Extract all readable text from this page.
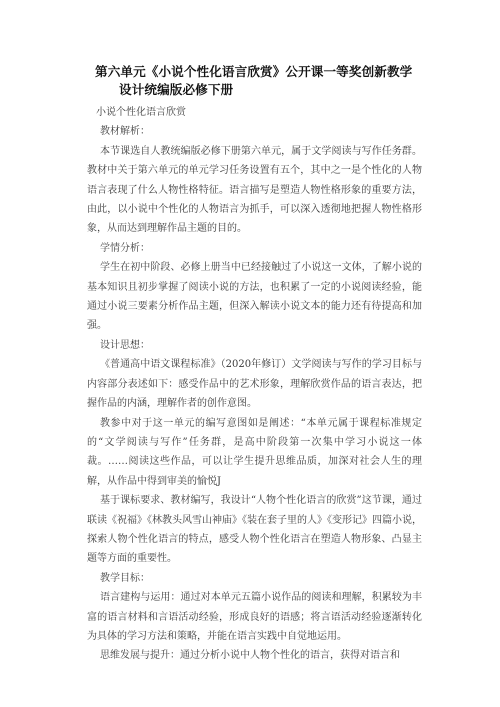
第六单元《小说个性化语言欣赏》公开课一等奖创新教学
设计统编版必修下册

小说个性化语言欣赏

教材解析：

本节课选自人教统编版必修下册第六单元，属于文学阅读与写作任务群。教材中关于第六单元的单元学习任务设置有五个，其中之一是个性化的人物语言表现了什么人物性格特征。语言描写是塑造人物性格形象的重要方法，由此，以小说中个性化的人物语言为抓手，可以深入透彻地把握人物性格形象，从而达到理解作品主题的目的。

学情分析：

学生在初中阶段、必修上册当中已经接触过了小说这一文体，了解小说的基本知识且初步掌握了阅读小说的方法，也积累了一定的小说阅读经验，能通过小说三要素分析作品主题，但深入解读小说文本的能力还有待提高和加强。

设计思想：

《普通高中语文课程标准》（2020年修订）文学阅读与写作的学习目标与内容部分表述如下：感受作品中的艺术形象，理解欣赏作品的语言表达，把握作品的内涵，理解作者的创作意图。

教参中对于这一单元的编写意图如是阐述：“本单元属于课程标准规定的“文学阅读与写作”任务群，是高中阶段第一次集中学习小说这一体裁。……阅读这些作品，可以让学生提升思维品质，加深对社会人生的理解，从作品中得到审美的愉悦J

基于课标要求、教材编写，我设计“人物个性化语言的欣赏”这节课，通过联读《祝福》《林教头风雪山神庙》《装在套子里的人》《变形记》四篇小说，探索人物个性化语言的特点，感受人物个性化语言在塑造人物形象、凸显主题等方面的重要性。

教学目标：

语言建构与运用：通过对本单元五篇小说作品的阅读和理解，积累较为丰富的语言材料和言语活动经验，形成良好的语感；将言语活动经验逐渐转化为具体的学习方法和策略，并能在语言实践中自觉地运用。

思维发展与提升：通过分析小说中人物个性化的语言，获得对语言和
